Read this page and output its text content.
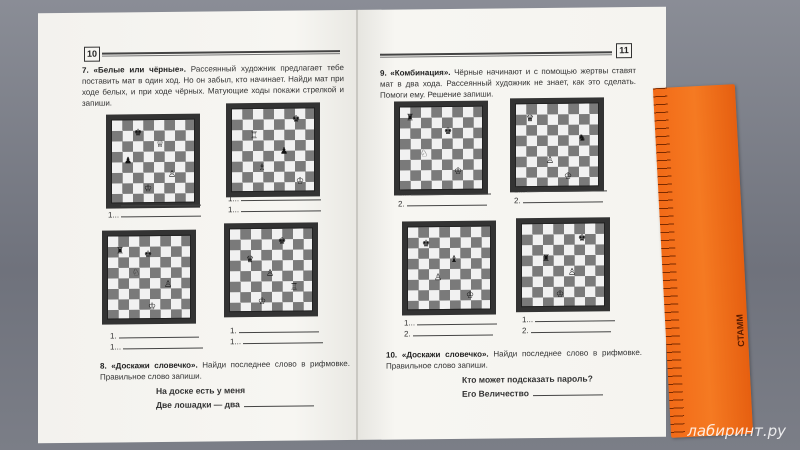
10
7. «Белые или чёрные». Рассеянный художник предлагает тебе поставить мат в один ход. Но он забыл, кто начинает. Найди мат при ходе белых, и при ходе чёрных. Матующие ходы покажи стрелкой и запиши.
♚
♕
♟
♙
♔
♚
♖
♟
♗
♔
1...
1...
1...
1...
♜ ♚
♘
♙
♔
♚
♛
♙
♖
♔
1.
1...
1.
1...
8. «Доскажи словечко». Найди последнее слово в рифмовке. Правильное слово запиши.
На доске есть у меня
Две лошадки — два
11
9. «Комбинация». Чёрные начинают и с помощью жертвы ставят мат в два хода. Рассеянный художник не знает, как это сделать. Помоги ему. Решение запиши.
♜
♚
♘
♔
♛
♞
♙
♔
1...
2.
1...
2.
♚
♝
♙
♔
♚
♜
♙
♔
1...
2.
1...
2.
10. «Доскажи словечко». Найди последнее слово в рифмовке. Правильное слово запиши.
Кто может подсказать пароль?
Его Величество
СТАММ
лабиринт.ру
